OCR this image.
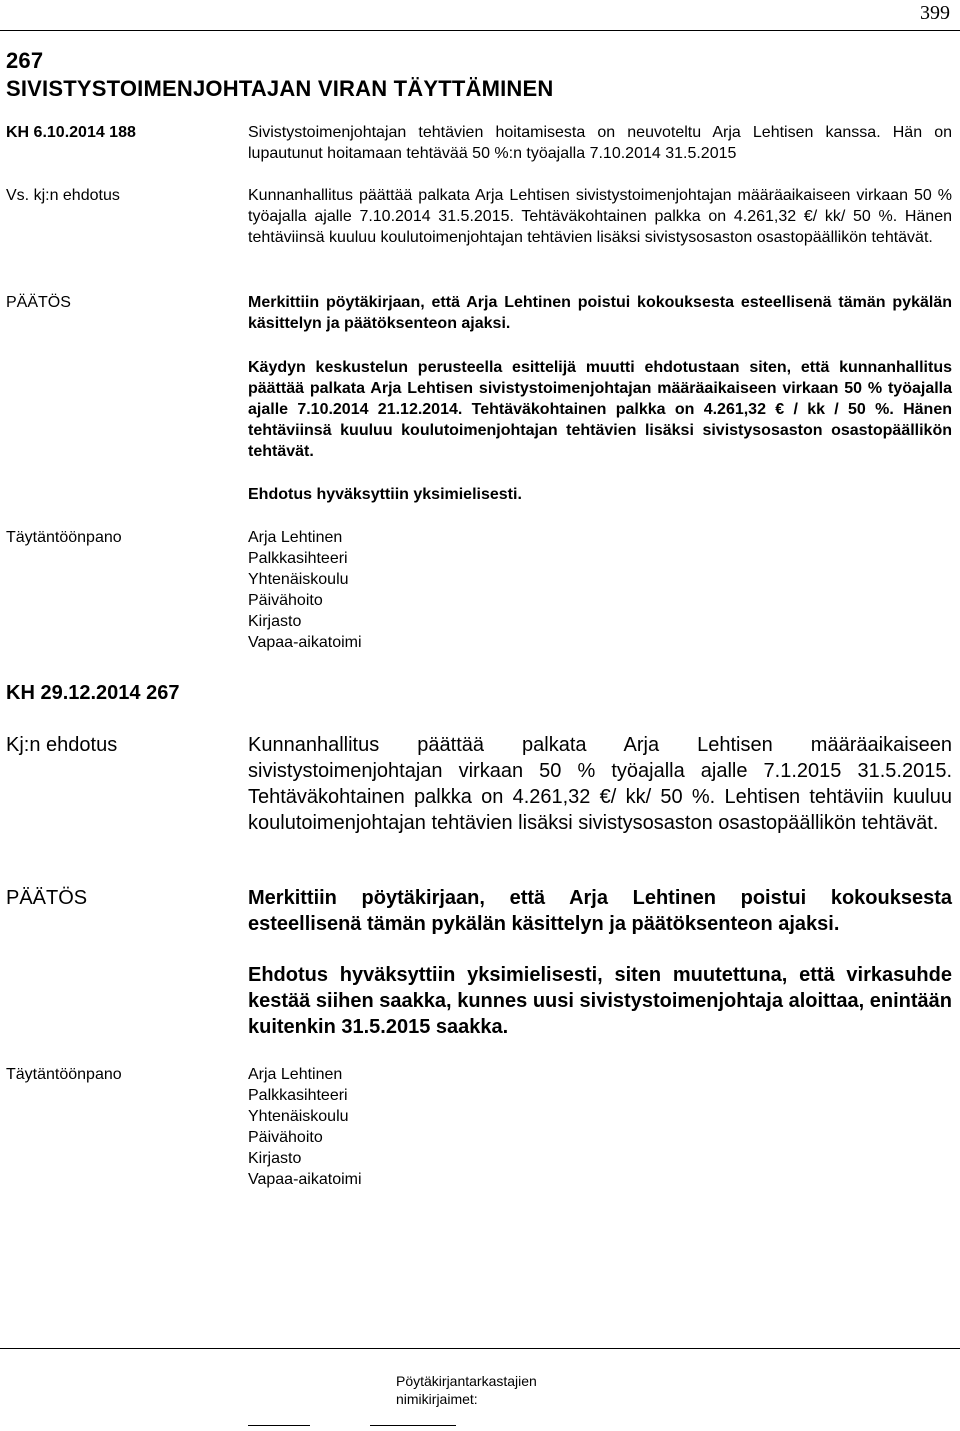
399
267
SIVISTYSTOIMENJOHTAJAN VIRAN TÄYTTÄMINEN
KH 6.10.2014 188	Sivistystoimenjohtajan tehtävien hoitamisesta on neuvoteltu Arja Lehtisen kanssa. Hän on lupautunut hoitamaan tehtävää 50 %:n työajalla 7.10.2014 31.5.2015
Vs. kj:n ehdotus	Kunnanhallitus päättää palkata Arja Lehtisen sivistystoimenjohtajan määräaikaiseen virkaan 50 % työajalla ajalle 7.10.2014 31.5.2015. Tehtäväkohtainen palkka on 4.261,32 €/ kk/ 50 %. Hänen tehtäviinsä kuuluu koulutoimenjohtajan tehtävien lisäksi sivistysosaston osastopäällikön tehtävät.
PÄÄTÖS	Merkittiin pöytäkirjaan, että Arja Lehtinen poistui kokouksesta esteellisenä tämän pykälän käsittelyn ja päätöksenteon ajaksi.
Käydyn keskustelun perusteella esittelijä muutti ehdotustaan siten, että kunnanhallitus päättää palkata Arja Lehtisen sivistystoimenjohtajan määräaikaiseen virkaan 50 % työajalla ajalle 7.10.2014 21.12.2014. Tehtäväkohtainen palkka on 4.261,32 € / kk / 50 %. Hänen tehtäviinsä kuuluu koulutoimenjohtajan tehtävien lisäksi sivistysosaston osastopäällikön tehtävät.
Ehdotus hyväksyttiin yksimielisesti.
Täytäntöönpano	Arja Lehtinen
Palkkasihteeri
Yhtenäiskoulu
Päivähoito
Kirjasto
Vapaa-aikatoimi
KH 29.12.2014 267
Kj:n ehdotus	Kunnanhallitus päättää palkata Arja Lehtisen määräaikaiseen sivistystoimenjohtajan virkaan 50 % työajalla ajalle 7.1.2015 31.5.2015. Tehtäväkohtainen palkka on 4.261,32 €/ kk/ 50 %. Lehtisen tehtäviin kuuluu koulutoimenjohtajan tehtävien lisäksi sivistysosaston osastopäällikön tehtävät.
PÄÄTÖS	Merkittiin pöytäkirjaan, että Arja Lehtinen poistui kokouksesta esteellisenä tämän pykälän käsittelyn ja päätöksenteon ajaksi.
Ehdotus hyväksyttiin yksimielisesti, siten muutettuna, että virkasuhde kestää siihen saakka, kunnes uusi sivistystoimenjohtaja aloittaa, enintään kuitenkin 31.5.2015 saakka.
Täytäntöönpano	Arja Lehtinen
Palkkasihteeri
Yhtenäiskoulu
Päivähoito
Kirjasto
Vapaa-aikatoimi
Pöytäkirjantarkastajien
nimikirjaimet:
